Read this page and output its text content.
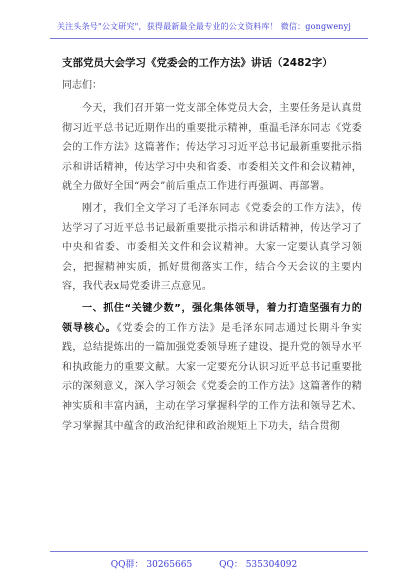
关注头条号"公文研究"，获得最新最全最专业的公文资料库！ 微信：gongwenyj
支部党员大会学习《党委会的工作方法》讲话（2482字）
同志们：

今天，我们召开第一党支部全体党员大会，主要任务是认真贯彻习近平总书记近期作出的重要批示精神，重温毛泽东同志《党委会的工作方法》这篇著作；传达学习习近平总书记最新重要批示指示和讲话精神，传达学习中央和省委、市委相关文件和会议精神，就全力做好全国“两会”前后重点工作进行再强调、再部署。

刚才，我们全文学习了毛泽东同志《党委会的工作方法》，传达学习了习近平总书记最新重要批示指示和讲话精神，传达学习了中央和省委、市委相关文件和会议精神。大家一定要认真学习领会，把握精神实质，抓好贯彻落实工作，结合今天会议的主要内容，我代表x局党委讲三点意见。

一、抓住“关键少数”，强化集体领导，着力打造坚强有力的领导核心。《党委会的工作方法》是毛泽东同志通过长期斗争实践，总结提炼出的一篇加强党委领导班子建设、提升党的领导水平和执政能力的重要文献。大家一定要充分认识习近平总书记重要批示的深刻意义，深入学习领会《党委会的工作方法》这篇著作的精神实质和丰富内涵，主动在学习掌握科学的工作方法和领导艺术、学习掌握其中蕴含的政治纪律和政治规矩上下功夫，结合贯彻

QQ群： 30265665	QQ： 535304092
